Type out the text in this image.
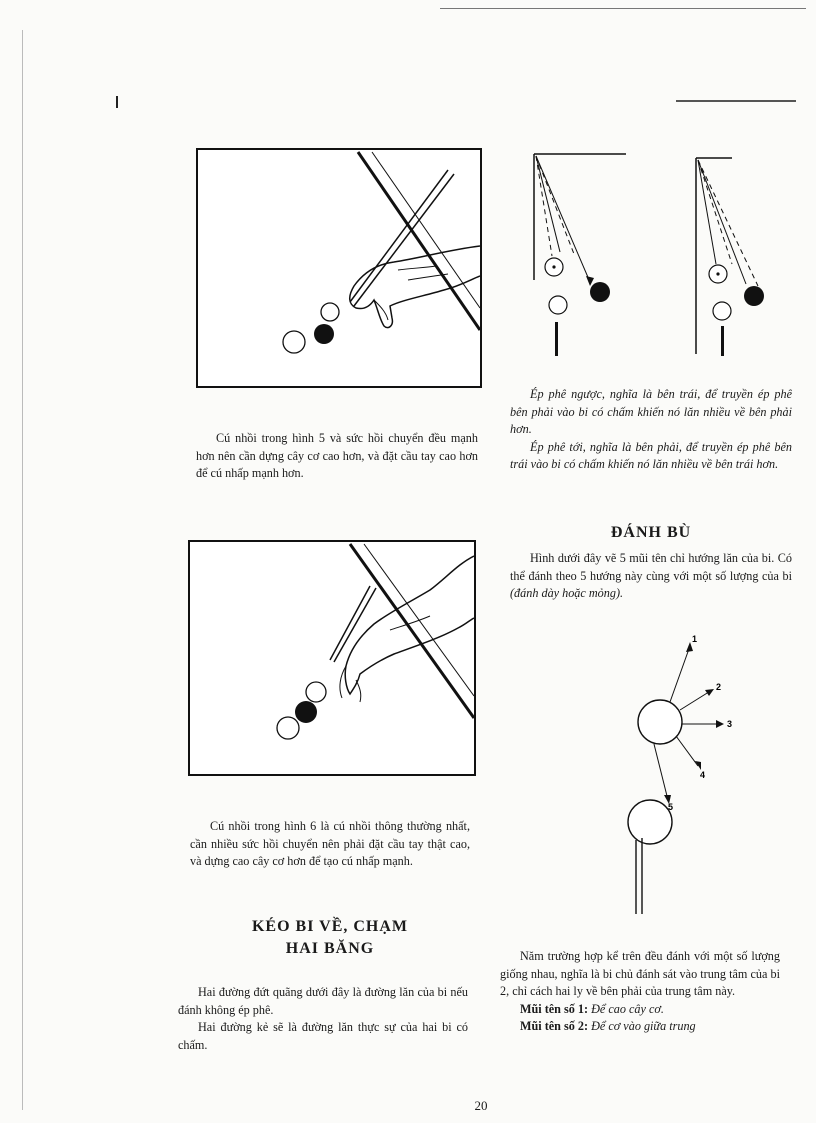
Cú nhồi trong hình 5 và sức hồi chuyển đều mạnh hơn nên cần dựng cây cơ cao hơn, và đặt cầu tay cao hơn để cú nhấp mạnh hơn.

Cú nhồi trong hình 6 là cú nhồi thông thường nhất, cần nhiều sức hồi chuyển nên phải đặt cầu tay thật cao, và dựng cao cây cơ hơn để tạo cú nhấp mạnh.

KÉO BI VỀ, CHẠM
HAI BĂNG

Hai đường đứt quãng dưới đây là đường lăn của bi nếu đánh không ép phê.

Hai đường kẻ sẽ là đường lăn thực sự của hai bi có chấm.

Ép phê ngược, nghĩa là bên trái, để truyền ép phê bên phải vào bi có chấm khiến nó lăn nhiều về bên phải hơn.

Ép phê tới, nghĩa là bên phải, để truyền ép phê bên trái vào bi có chấm khiến nó lăn nhiều về bên trái hơn.

ĐÁNH BÙ

Hình dưới đây vẽ 5 mũi tên chỉ hướng lăn của bi. Có thể đánh theo 5 hướng này cùng với một số lượng của bi (đánh dày hoặc mỏng).

1
2
3
4
5

Năm trường hợp kể trên đều đánh với một số lượng giống nhau, nghĩa là bi chủ đánh sát vào trung tâm của bi 2, chỉ cách hai ly về bên phải của trung tâm này.

Mũi tên số 1: Để cao cây cơ.

Mũi tên số 2: Để cơ vào giữa trung

20
